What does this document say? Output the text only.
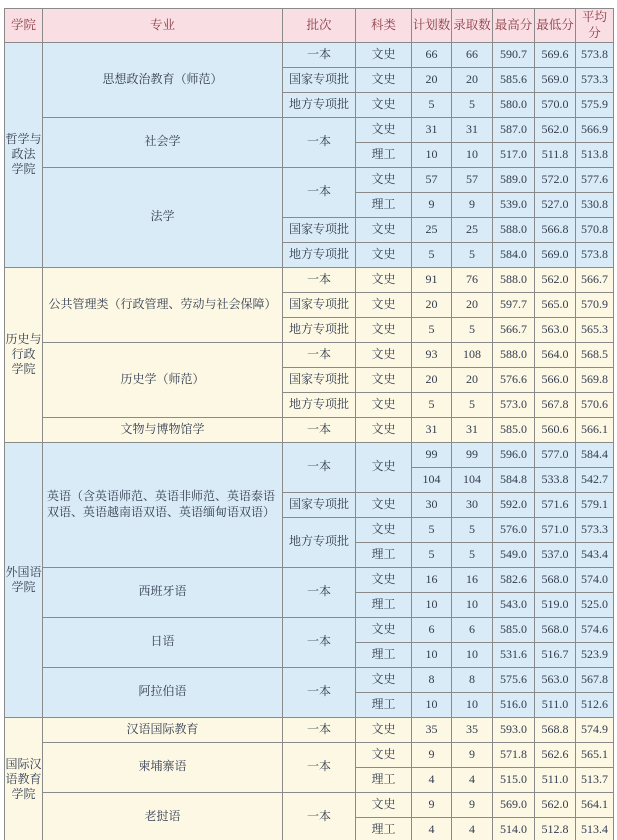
学院	专业	批次	科类	计划数	录取数	最高分	最低分	平均分
哲学与
政法
学院	思想政治教育（师范）	一本	文史	66	66	590.7	569.6	573.8
		国家专项批	文史	20	20	585.6	569.0	573.3
		地方专项批	文史	5	5	580.0	570.0	575.9
	社会学	一本	文史	31	31	587.0	562.0	566.9
			理工	10	10	517.0	511.8	513.8
	法学	一本	文史	57	57	589.0	572.0	577.6
			理工	9	9	539.0	527.0	530.8
		国家专项批	文史	25	25	588.0	566.8	570.8
		地方专项批	文史	5	5	584.0	569.0	573.8
历史与
行政
学院	公共管理类（行政管理、劳动与社会保障）	一本	文史	91	76	588.0	562.0	566.7
		国家专项批	文史	20	20	597.7	565.0	570.9
		地方专项批	文史	5	5	566.7	563.0	565.3
	历史学（师范）	一本	文史	93	108	588.0	564.0	568.5
		国家专项批	文史	20	20	576.6	566.0	569.8
		地方专项批	文史	5	5	573.0	567.8	570.6
	文物与博物馆学	一本	文史	31	31	585.0	560.6	566.1
外国语
学院	英语（含英语师范、英语非师范、英语泰语双语、英语越南语双语、英语缅甸语双语）	一本	文史	99	99	596.0	577.0	584.4
				104	104	584.8	533.8	542.7
		国家专项批	文史	30	30	592.0	571.6	579.1
		地方专项批	文史	5	5	576.0	571.0	573.3
			理工	5	5	549.0	537.0	543.4
	西班牙语	一本	文史	16	16	582.6	568.0	574.0
			理工	10	10	543.0	519.0	525.0
	日语	一本	文史	6	6	585.0	568.0	574.6
			理工	10	10	531.6	516.7	523.9
	阿拉伯语	一本	文史	8	8	575.6	563.0	567.8
			理工	10	10	516.0	511.0	512.6
国际汉
语教育
学院	汉语国际教育	一本	文史	35	35	593.0	568.8	574.9
	柬埔寨语	一本	文史	9	9	571.8	562.6	565.1
			理工	4	4	515.0	511.0	513.7
	老挝语	一本	文史	9	9	569.0	562.0	564.1
			理工	4	4	514.0	512.8	513.4
